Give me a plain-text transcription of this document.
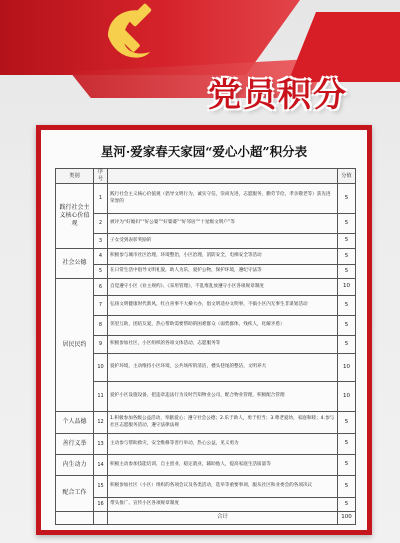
党员积分
星河·爱家春天家园“爱心小超”积分表
类别	序号		分值
践行社会主义核心价值观	1	践行社会主义核心价值观（倡导文明行为，诚实守信，崇尚先进，志愿服务，勤劳节俭，孝亲敬老等）获先进荣誉的	5
	2	被评为“好媳妇”“好公婆”“好婆婆”“好邻居”“十星级文明户”等	5
	3	子女受到表彰奖励的	5
社会公德	4	积极参与城市社区治理，环境整治，小区治理，消防安全，电梯安全等活动	5
	5	在日常生活中倡导文明礼貌，助人为乐，爱护公物，保护环境，遵纪守法等	5
居民民约	6	自觉遵守小区《业主规约》、《采用管理》，不乱堆乱放遵守小区各项规章制度	10
	7	弘扬文明健康时代新风，红白喜事不大操大办，倡文明适办文明事，不搞小区内无事生非谋划活动	5
	8	邻里互助，团结友爱，热心帮助需要帮助的困难群众（弱势群体，残疾人，化解矛盾）	5
	9	积极参加社区，小区组织的各项文体活动，志愿服务等	5
	10	爱护环境，主动维持小区环境，公共场所的清洁，楼头巷尾的整洁，文明养犬	10
	11	爱护小区设施设备，把违章违法行为及时告知物业公司，配合物业管理，积极配合管理	10
个人品德	12	1.积极参加各级公益活动，奉献爱心；遵守社会公德；2.乐于助人，勇于担当；3.尊老爱幼，家庭和睦；4.参与社区志愿服务活动，遵守法律法规	5
善行义举	13	主动参与帮助救灾，安全维修等善行举动，热心公益，见义勇为	5
内生动力	14	积极主动参加技能培训，自主创业，稳定就业，辅助他人，提高家庭生活质量等	5
配合工作	15	积极参加社区（小区）组织的各项会议及各类活动，选举等重要事项，服从社区和业委会的各项决议	5
	16	带头推广、宣传小区各项规章制度	5
		合计	100
